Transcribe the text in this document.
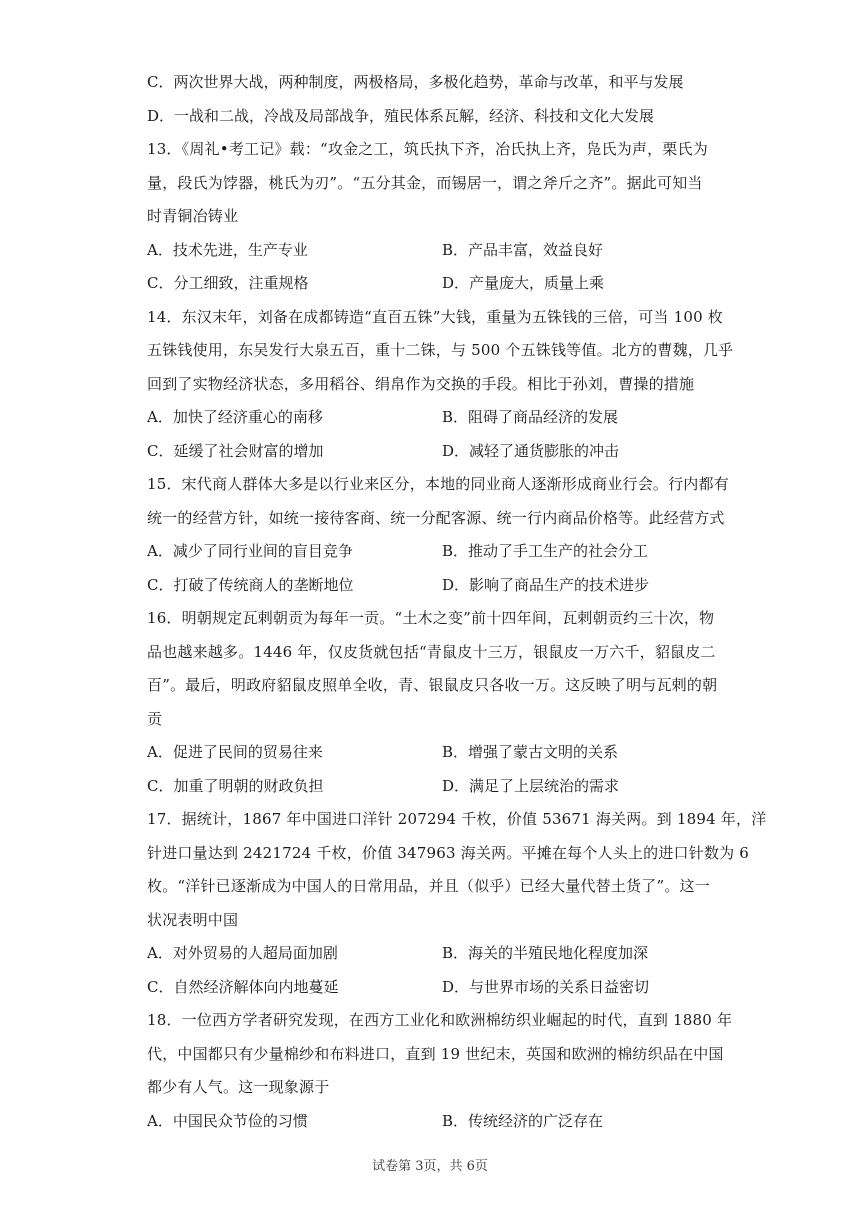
C．两次世界大战，两种制度，两极格局，多极化趋势，革命与改革，和平与发展
D．一战和二战，冷战及局部战争，殖民体系瓦解，经济、科技和文化大发展
13．《周礼•考工记》载：“攻金之工，筑氏执下齐，冶氏执上齐，凫氏为声，栗氏为
量，段氏为饽器，桃氏为刃”。“五分其金，而锡居一，谓之斧斤之齐”。据此可知当
时青铜冶铸业
A．技术先进，生产专业	B．产品丰富，效益良好
C．分工细致，注重规格	D．产量庞大，质量上乘
14．东汉末年，刘备在成都铸造“直百五铢”大钱，重量为五铢钱的三倍，可当 100 枚
五铢钱使用，东吴发行大泉五百，重十二铢，与 500 个五铢钱等值。北方的曹魏，几乎
回到了实物经济状态，多用稻谷、绢帛作为交换的手段。相比于孙刘，曹操的措施
A．加快了经济重心的南移	B．阻碍了商品经济的发展
C．延缓了社会财富的增加	D．减轻了通货膨胀的冲击
15．宋代商人群体大多是以行业来区分，本地的同业商人逐渐形成商业行会。行内都有
统一的经营方针，如统一接待客商、统一分配客源、统一行内商品价格等。此经营方式
A．减少了同行业间的盲目竞争	B．推动了手工生产的社会分工
C．打破了传统商人的垄断地位	D．影响了商品生产的技术进步
16．明朝规定瓦剌朝贡为每年一贡。“土木之变”前十四年间，瓦剌朝贡约三十次，物
品也越来越多。1446 年，仅皮货就包括“青鼠皮十三万，银鼠皮一万六千，貂鼠皮二
百”。最后，明政府貂鼠皮照单全收，青、银鼠皮只各收一万。这反映了明与瓦剌的朝
贡
A．促进了民间的贸易往来	B．增强了蒙古文明的关系
C．加重了明朝的财政负担	D．满足了上层统治的需求
17．据统计，1867 年中国进口洋针 207294 千枚，价值 53671 海关两。到 1894 年，洋
针进口量达到 2421724 千枚，价值 347963 海关两。平摊在每个人头上的进口针数为 6
枚。“洋针已逐渐成为中国人的日常用品，并且（似乎）已经大量代替土货了”。这一
状况表明中国
A．对外贸易的人超局面加剧	B．海关的半殖民地化程度加深
C．自然经济解体向内地蔓延	D．与世界市场的关系日益密切
18．一位西方学者研究发现，在西方工业化和欧洲棉纺织业崛起的时代，直到 1880 年
代，中国都只有少量棉纱和布料进口，直到 19 世纪末，英国和欧洲的棉纺织品在中国
都少有人气。这一现象源于
A．中国民众节俭的习惯	B．传统经济的广泛存在
试卷第 3页，共 6页
